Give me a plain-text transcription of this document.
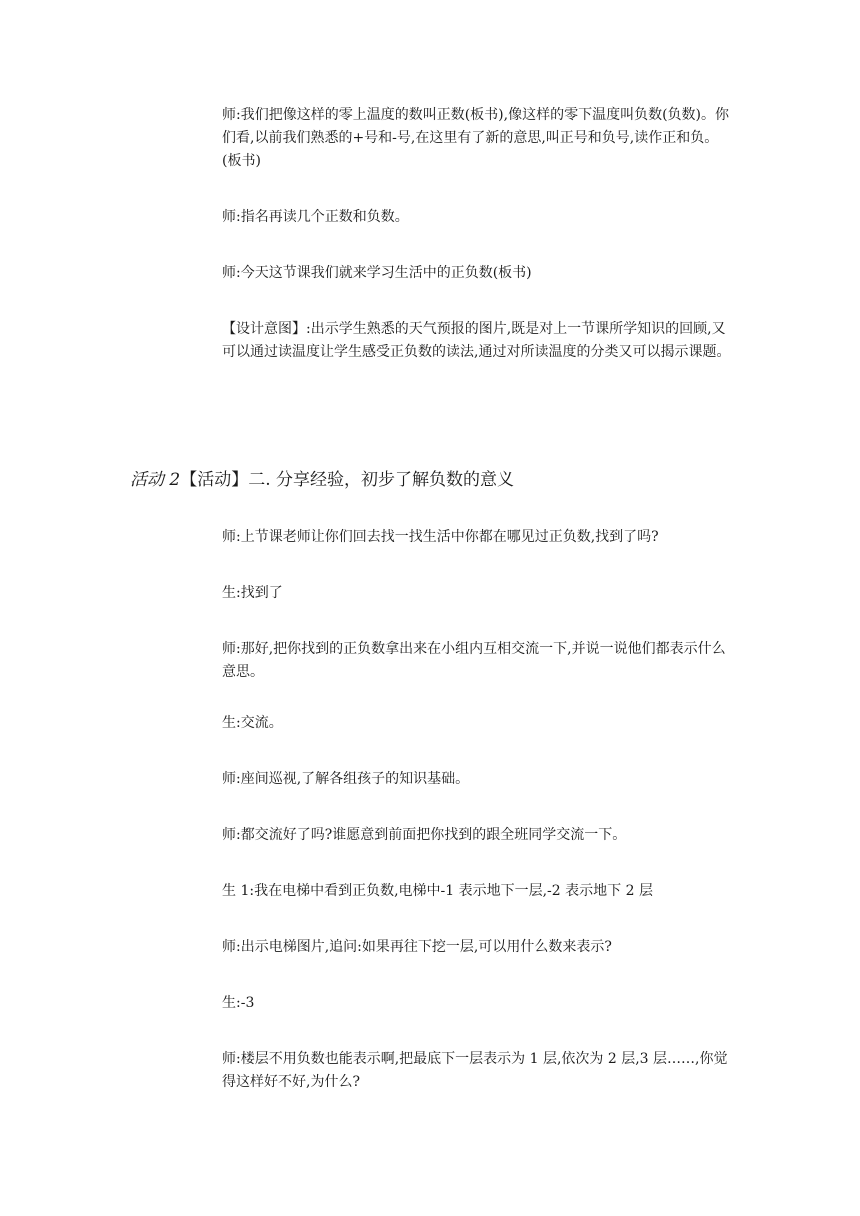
师:我们把像这样的零上温度的数叫正数(板书),像这样的零下温度叫负数(负数)。你们看,以前我们熟悉的+号和-号,在这里有了新的意思,叫正号和负号,读作正和负。(板书)

师:指名再读几个正数和负数。

师:今天这节课我们就来学习生活中的正负数(板书)

【设计意图】:出示学生熟悉的天气预报的图片,既是对上一节课所学知识的回顾,又可以通过读温度让学生感受正负数的读法,通过对所读温度的分类又可以揭示课题。

活动 2【活动】二. 分享经验，初步了解负数的意义

师:上节课老师让你们回去找一找生活中你都在哪见过正负数,找到了吗?

生:找到了

师:那好,把你找到的正负数拿出来在小组内互相交流一下,并说一说他们都表示什么意思。

生:交流。

师:座间巡视,了解各组孩子的知识基础。

师:都交流好了吗?谁愿意到前面把你找到的跟全班同学交流一下。

生 1:我在电梯中看到正负数,电梯中-1 表示地下一层,-2 表示地下 2 层

师:出示电梯图片,追问:如果再往下挖一层,可以用什么数来表示?

生:-3

师:楼层不用负数也能表示啊,把最底下一层表示为 1 层,依次为 2 层,3 层……,你觉得这样好不好,为什么?
